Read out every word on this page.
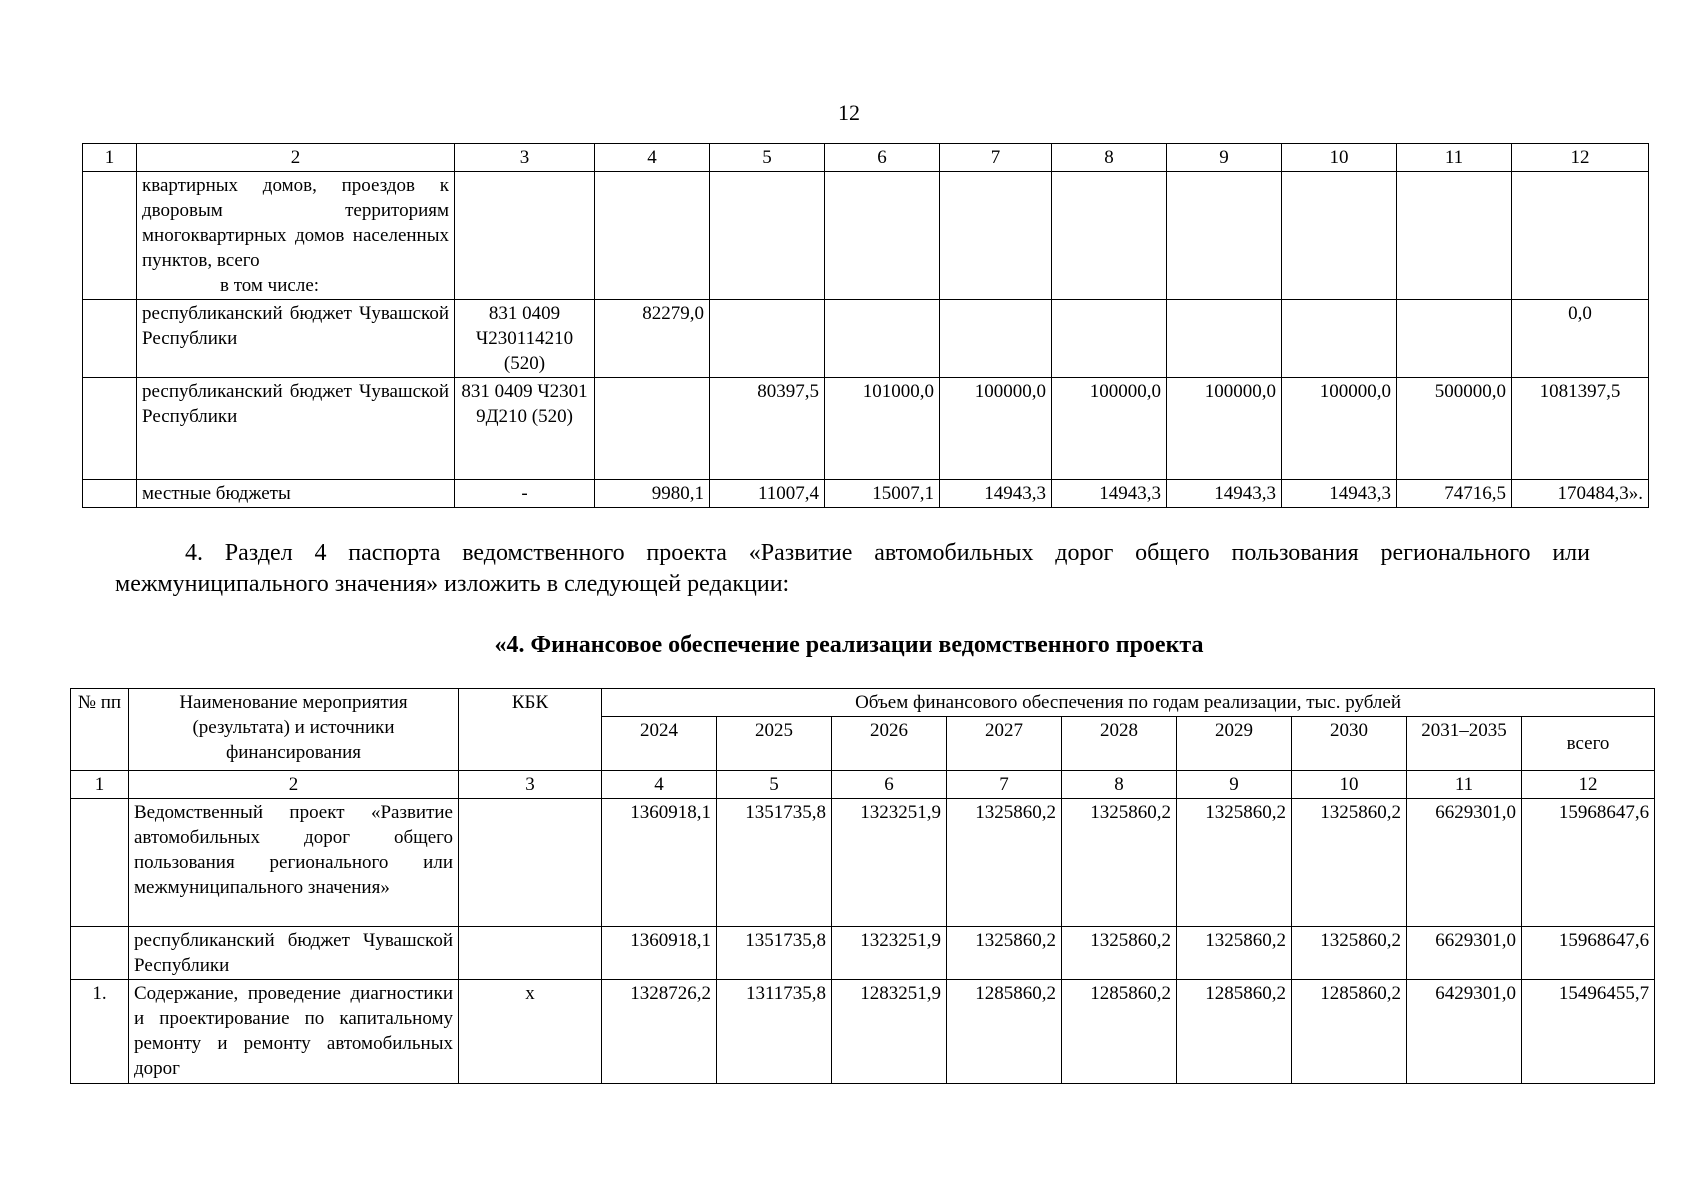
12
1	2	3	4	5	6	7	8	9	10	11	12	
	квартирных домов, проездов к дворовым территориям многоквартирных домов населенных пунктов, всего
в том числе:											

	республиканский бюджет Чувашской Республики	831 0409 Ч230114210 (520)	82279,0								0,0	
	республиканский бюджет Чувашской Республики	831 0409 Ч23019Д210 (520)		80397,5	101000,0	100000,0	100000,0	100000,0	100000,0	500000,0	1081397,5	
	местные бюджеты	-	9980,1	11007,4	15007,1	14943,3	14943,3	14943,3	14943,3	74716,5	170484,3».	
4. Раздел 4 паспорта ведомственного проекта «Развитие автомобильных дорог общего пользования регионального или межмуниципального значения» изложить в следующей редакции:
«4. Финансовое обеспечение реализации ведомственного проекта
№ пп	Наименование мероприятия (результата) и источники финансирования	КБК	Объем финансового обеспечения по годам реализации, тыс. рублей								
			2024	2025	2026	2027	2028	2029	2030	2031–2035	всего
1	2	3	4	5	6	7	8	9	10	11	12
	Ведомственный проект «Развитие автомобильных дорог общего пользования регионального или межмуниципального значения»		1360918,1	1351735,8	1323251,9	1325860,2	1325860,2	1325860,2	1325860,2	6629301,0	15968647,6
	республиканский бюджет Чувашской Республики		1360918,1	1351735,8	1323251,9	1325860,2	1325860,2	1325860,2	1325860,2	6629301,0	15968647,6
1.	Содержание, проведение диагностики и проектирование по капитальному ремонту и ремонту автомобильных дорог	х	1328726,2	1311735,8	1283251,9	1285860,2	1285860,2	1285860,2	1285860,2	6429301,0	15496455,7
